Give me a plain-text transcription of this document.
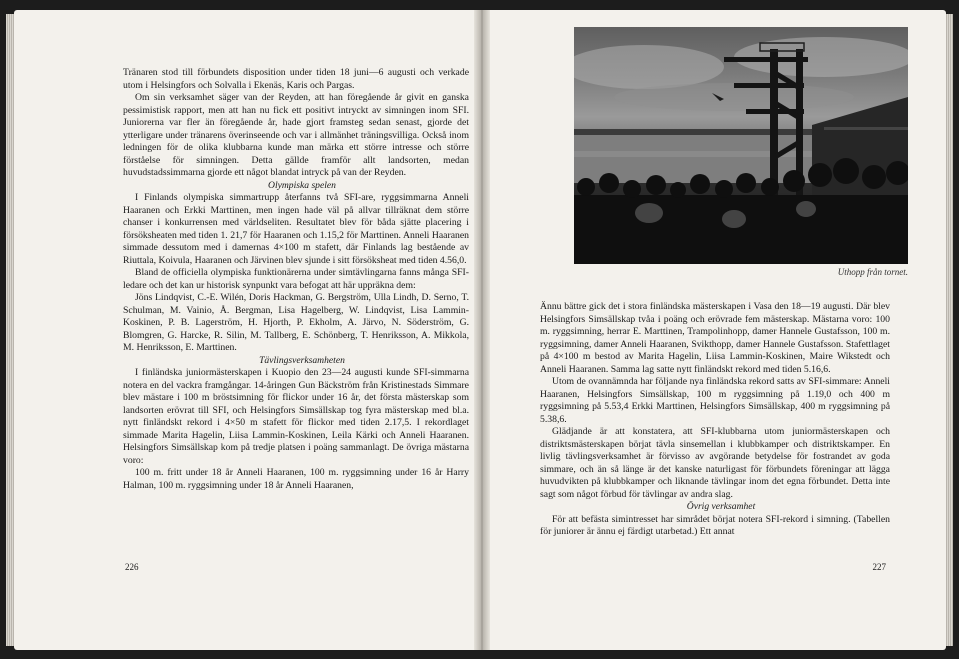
Tränaren stod till förbundets disposition under tiden 18 juni—6 augusti och verkade utom i Helsingfors och Solvalla i Ekenäs, Karis och Pargas.

Om sin verksamhet säger van der Reyden, att han föregående år givit en ganska pessimistisk rapport, men att han nu fick ett positivt intryckt av simningen inom SFI. Juniorerna var fler än föregående år, hade gjort framsteg sedan senast, gjorde det ytterligare under tränarens överinseende och var i allmänhet träningsvilliga. Också inom ledningen för de olika klubbarna kunde man märka ett större intresse och större förståelse för simningen. Detta gällde framför allt landsorten, medan huvudstadssimmarna gjorde ett något blandat intryck på van der Reyden.

Olympiska spelen

I Finlands olympiska simmartrupp återfanns två SFI-are, ryggsimmarna Anneli Haaranen och Erkki Marttinen, men ingen hade väl på allvar tillräknat dem större chanser i konkurrensen med världseliten. Resultatet blev för båda sjätte placering i försöksheaten med tiden 1. 21,7 för Haaranen och 1.15,2 för Marttinen. Anneli Haaranen simmade dessutom med i damernas 4×100 m stafett, där Finlands lag bestående av Riuttala, Koivula, Haaranen och Järvinen blev sjunde i sitt försöksheat med tiden 4.56,0.

Bland de officiella olympiska funktionärerna under simtävlingarna fanns många SFI-ledare och det kan ur historisk synpunkt vara befogat att här uppräkna dem:

Jöns Lindqvist, C.-E. Wilén, Doris Hackman, G. Bergström, Ulla Lindh, D. Serno, T. Schulman, M. Vainio, Å. Bergman, Lisa Hagelberg, W. Lindqvist, Lisa Lammin-Koskinen, P. B. Lagerström, H. Hjorth, P. Ekholm, A. Järvo, N. Söderström, G. Blomgren, G. Harcke, R. Silin, M. Tallberg, E. Schönberg, T. Henriksson, A. Mikkola, M. Henriksson, E. Marttinen.

Tävlingsverksamheten

I finländska juniormästerskapen i Kuopio den 23—24 augusti kunde SFI-simmarna notera en del vackra framgångar. 14-åringen Gun Bäckström från Kristinestads Simmare blev mästare i 100 m bröstsimning för flickor under 16 år, det första mästerskap som landsorten erövrat till SFI, och Helsingfors Simsällskap tog fyra mästerskap med bl.a. nytt finländskt rekord i 4×50 m stafett för flickor med tiden 2.17,5. I rekordlaget simmade Marita Hagelin, Liisa Lammin-Koskinen, Leila Kärki och Anneli Haaranen. Helsingfors Simsällskap kom på tredje platsen i poäng sammanlagt. De övriga mästarna voro:

100 m. fritt under 18 år Anneli Haaranen, 100 m. ryggsimning under 16 år Harry Halman, 100 m. ryggsimning under 18 år Anneli Haaranen,

226
Uthopp från tornet.

Ännu bättre gick det i stora finländska mästerskapen i Vasa den 18—19 augusti. Där blev Helsingfors Simsällskap tvåa i poäng och erövrade fem mästerskap. Mästarna voro: 100 m. ryggsimning, herrar E. Marttinen, Trampolinhopp, damer Hannele Gustafsson, 100 m. ryggsimning, damer Anneli Haaranen, Svikthopp, damer Hannele Gustafsson. Stafettlaget på 4×100 m bestod av Marita Hagelin, Liisa Lammin-Koskinen, Maire Wikstedt och Anneli Haaranen. Samma lag satte nytt finländskt rekord med tiden 5.16,6.

Utom de ovannämnda har följande nya finländska rekord satts av SFI-simmare: Anneli Haaranen, Helsingfors Simsällskap, 100 m ryggsimning på 1.19,0 och 400 m ryggsimning på 5.53,4 Erkki Marttinen, Helsingfors Simsällskap, 400 m ryggsimning på 5.38,6.

Glädjande är att konstatera, att SFI-klubbarna utom juniormästerskapen och distriktsmästerskapen börjat tävla sinsemellan i klubbkamper och distriktskamper. En livlig tävlingsverksamhet är förvisso av avgörande betydelse för fostrandet av goda simmare, och än så länge är det kanske naturligast för förbundets föreningar att lägga huvudvikten på klubbkamper och liknande tävlingar inom det egna förbundet. Detta inte sagt som något förbud för tävlingar av andra slag.

Övrig verksamhet

För att befästa simintresset har simrådet börjat notera SFI-rekord i simning. (Tabellen för juniorer är ännu ej färdigt utarbetad.) Ett annat

227
